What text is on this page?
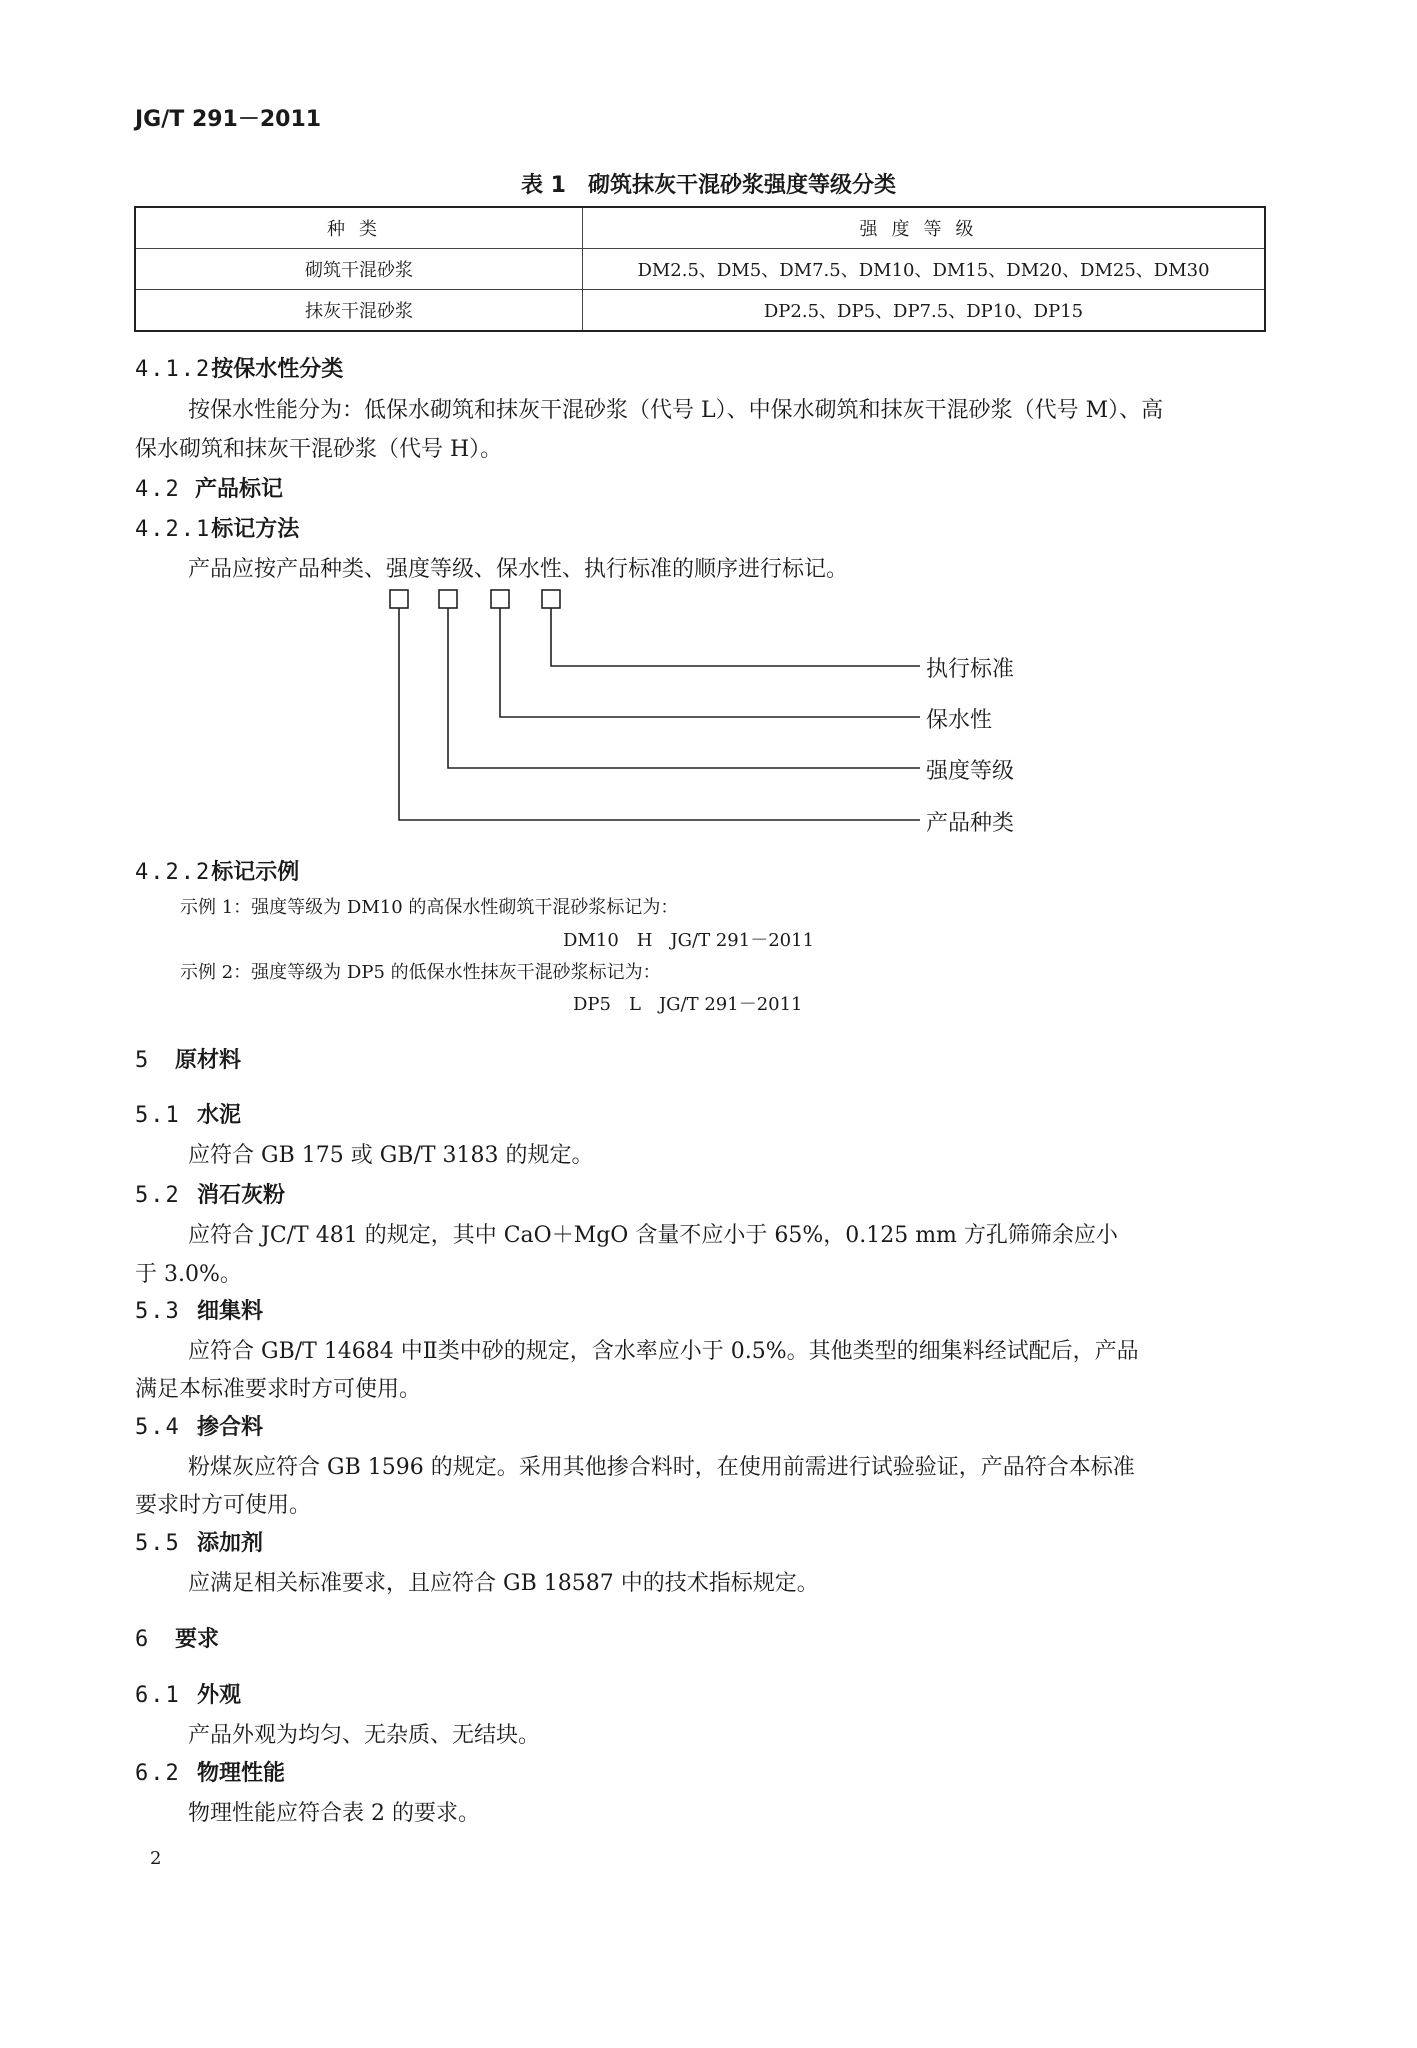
JG/T 291－2011
表 1　砌筑抹灰干混砂浆强度等级分类
种类	强度等级
砌筑干混砂浆	DM2.5、DM5、DM7.5、DM10、DM15、DM20、DM25、DM30
抹灰干混砂浆	DP2.5、DP5、DP7.5、DP10、DP15
4.1.2按保水性分类
按保水性能分为：低保水砌筑和抹灰干混砂浆（代号 L）、中保水砌筑和抹灰干混砂浆（代号 M）、高
保水砌筑和抹灰干混砂浆（代号 H）。
4.2 产品标记
4.2.1标记方法
产品应按产品种类、强度等级、保水性、执行标准的顺序进行标记。
执行标准
保水性
强度等级
产品种类
4.2.2标记示例
示例 1：强度等级为 DM10 的高保水性砌筑干混砂浆标记为：
DM10　H　JG/T 291－2011
示例 2：强度等级为 DP5 的低保水性抹灰干混砂浆标记为：
DP5　L　JG/T 291－2011
5 原材料
5.1 水泥
应符合 GB 175 或 GB/T 3183 的规定。
5.2 消石灰粉
应符合 JC/T 481 的规定，其中 CaO＋MgO 含量不应小于 65%，0.125 mm 方孔筛筛余应小
于 3.0%。
5.3 细集料
应符合 GB/T 14684 中Ⅱ类中砂的规定，含水率应小于 0.5%。其他类型的细集料经试配后，产品
满足本标准要求时方可使用。
5.4 掺合料
粉煤灰应符合 GB 1596 的规定。采用其他掺合料时，在使用前需进行试验验证，产品符合本标准
要求时方可使用。
5.5 添加剂
应满足相关标准要求，且应符合 GB 18587 中的技术指标规定。
6 要求
6.1 外观
产品外观为均匀、无杂质、无结块。
6.2 物理性能
物理性能应符合表 2 的要求。
2
